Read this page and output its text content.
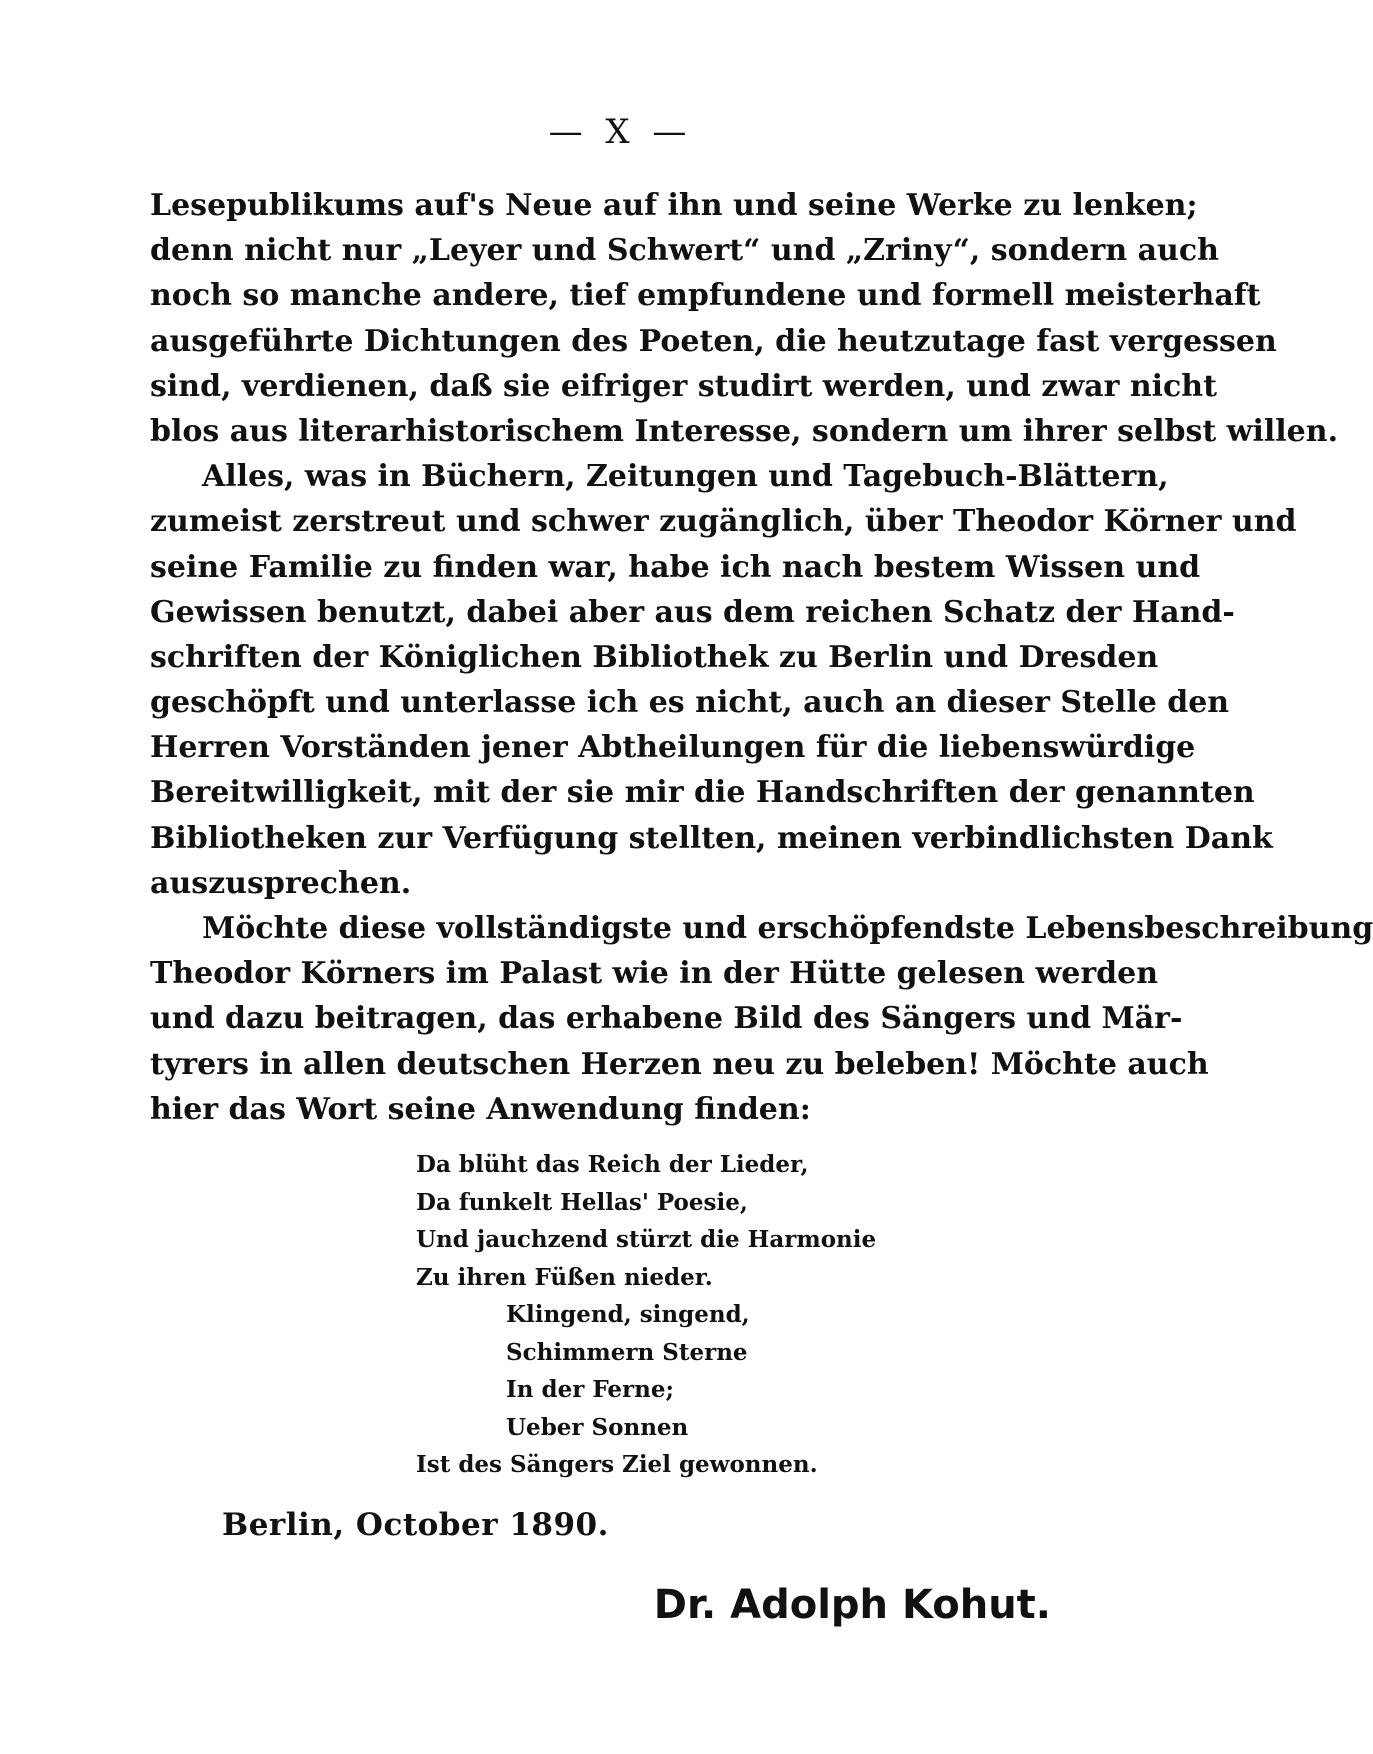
— X —
Lesepublikums auf's Neue auf ihn und seine Werke zu lenken;
denn nicht nur „Leyer und Schwert“ und „Zriny“, sondern auch
noch so manche andere, tief empfundene und formell meisterhaft
ausgeführte Dichtungen des Poeten, die heutzutage fast vergessen
sind, verdienen, daß sie eifriger studirt werden, und zwar nicht
blos aus literarhistorischem Interesse, sondern um ihrer selbst willen.
Alles, was in Büchern, Zeitungen und Tagebuch-Blättern,
zumeist zerstreut und schwer zugänglich, über Theodor Körner und
seine Familie zu finden war, habe ich nach bestem Wissen und
Gewissen benutzt, dabei aber aus dem reichen Schatz der Hand-
schriften der Königlichen Bibliothek zu Berlin und Dresden
geschöpft und unterlasse ich es nicht, auch an dieser Stelle den
Herren Vorständen jener Abtheilungen für die liebenswürdige
Bereitwilligkeit, mit der sie mir die Handschriften der genannten
Bibliotheken zur Verfügung stellten, meinen verbindlichsten Dank
auszusprechen.
Möchte diese vollständigste und erschöpfendste Lebensbeschreibung
Theodor Körners im Palast wie in der Hütte gelesen werden
und dazu beitragen, das erhabene Bild des Sängers und Mär-
tyrers in allen deutschen Herzen neu zu beleben! Möchte auch
hier das Wort seine Anwendung finden:
Da blüht das Reich der Lieder,
Da funkelt Hellas' Poesie,
Und jauchzend stürzt die Harmonie
Zu ihren Füßen nieder.
Klingend, singend,
Schimmern Sterne
In der Ferne;
Ueber Sonnen
Ist des Sängers Ziel gewonnen.
Berlin, October 1890.
Dr. Adolph Kohut.
